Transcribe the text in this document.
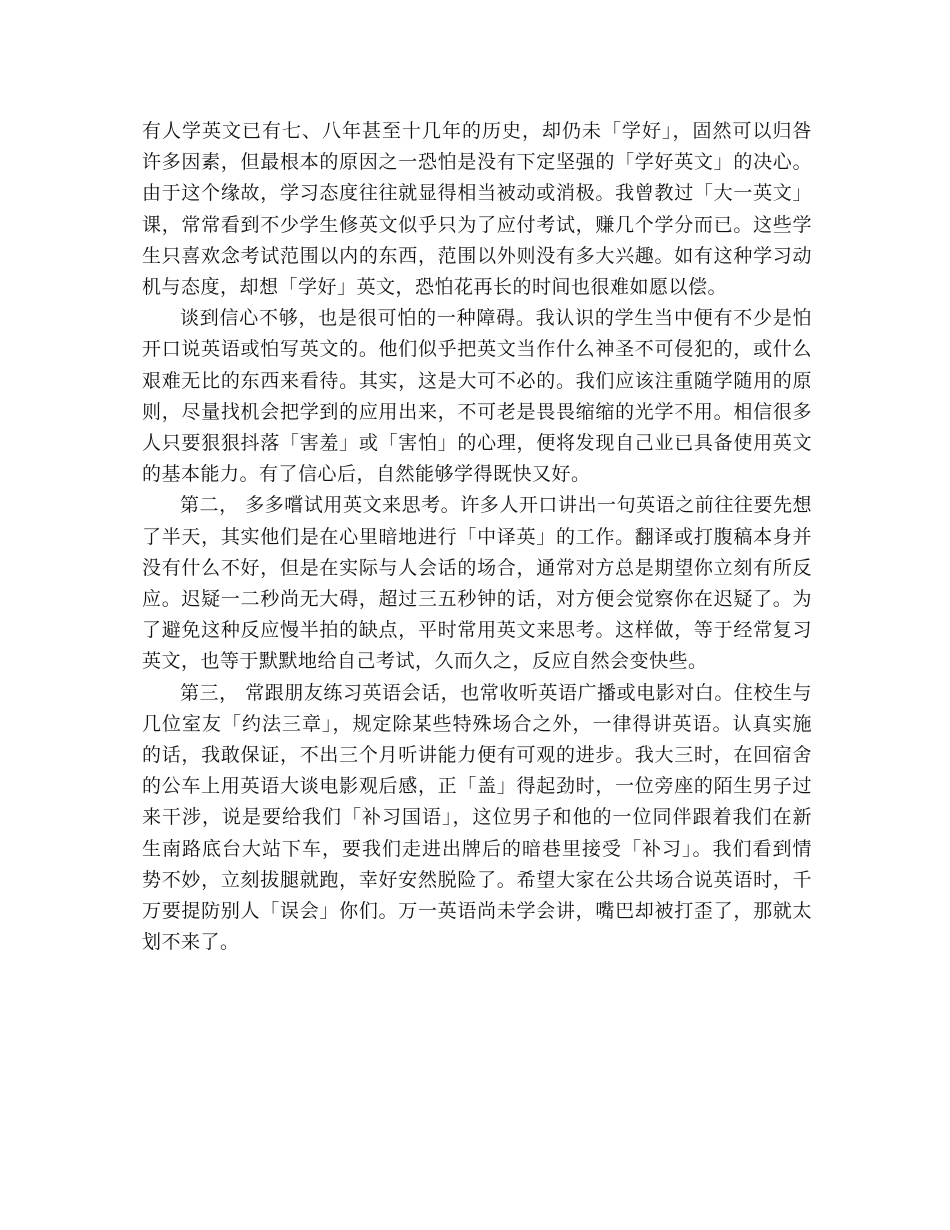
有人学英文已有七、八年甚至十几年的历史，却仍未「学好」，固然可以归咎许多因素，但最根本的原因之一恐怕是没有下定坚强的「学好英文」的决心。由于这个缘故，学习态度往往就显得相当被动或消极。我曾教过「大一英文」课，常常看到不少学生修英文似乎只为了应付考试，赚几个学分而已。这些学生只喜欢念考试范围以内的东西，范围以外则没有多大兴趣。如有这种学习动机与态度，却想「学好」英文，恐怕花再长的时间也很难如愿以偿。

谈到信心不够，也是很可怕的一种障碍。我认识的学生当中便有不少是怕开口说英语或怕写英文的。他们似乎把英文当作什么神圣不可侵犯的，或什么艰难无比的东西来看待。其实，这是大可不必的。我们应该注重随学随用的原则，尽量找机会把学到的应用出来，不可老是畏畏缩缩的光学不用。相信很多人只要狠狠抖落「害羞」或「害怕」的心理，便将发现自己业已具备使用英文的基本能力。有了信心后，自然能够学得既快又好。

第二， 多多嚐试用英文来思考。许多人开口讲出一句英语之前往往要先想了半天，其实他们是在心里暗地进行「中译英」的工作。翻译或打腹稿本身并没有什么不好，但是在实际与人会话的场合，通常对方总是期望你立刻有所反应。迟疑一二秒尚无大碍，超过三五秒钟的话，对方便会觉察你在迟疑了。为了避免这种反应慢半拍的缺点，平时常用英文来思考。这样做，等于经常复习英文，也等于默默地给自己考试，久而久之，反应自然会变快些。

第三， 常跟朋友练习英语会话，也常收听英语广播或电影对白。住校生与几位室友「约法三章」，规定除某些特殊场合之外，一律得讲英语。认真实施的话，我敢保证，不出三个月听讲能力便有可观的进步。我大三时，在回宿舍的公车上用英语大谈电影观后感，正「盖」得起劲时，一位旁座的陌生男子过来干涉，说是要给我们「补习国语」，这位男子和他的一位同伴跟着我们在新生南路底台大站下车，要我们走进出牌后的暗巷里接受「补习」。我们看到情势不妙，立刻拔腿就跑，幸好安然脱险了。希望大家在公共场合说英语时，千万要提防别人「误会」你们。万一英语尚未学会讲，嘴巴却被打歪了，那就太划不来了。
